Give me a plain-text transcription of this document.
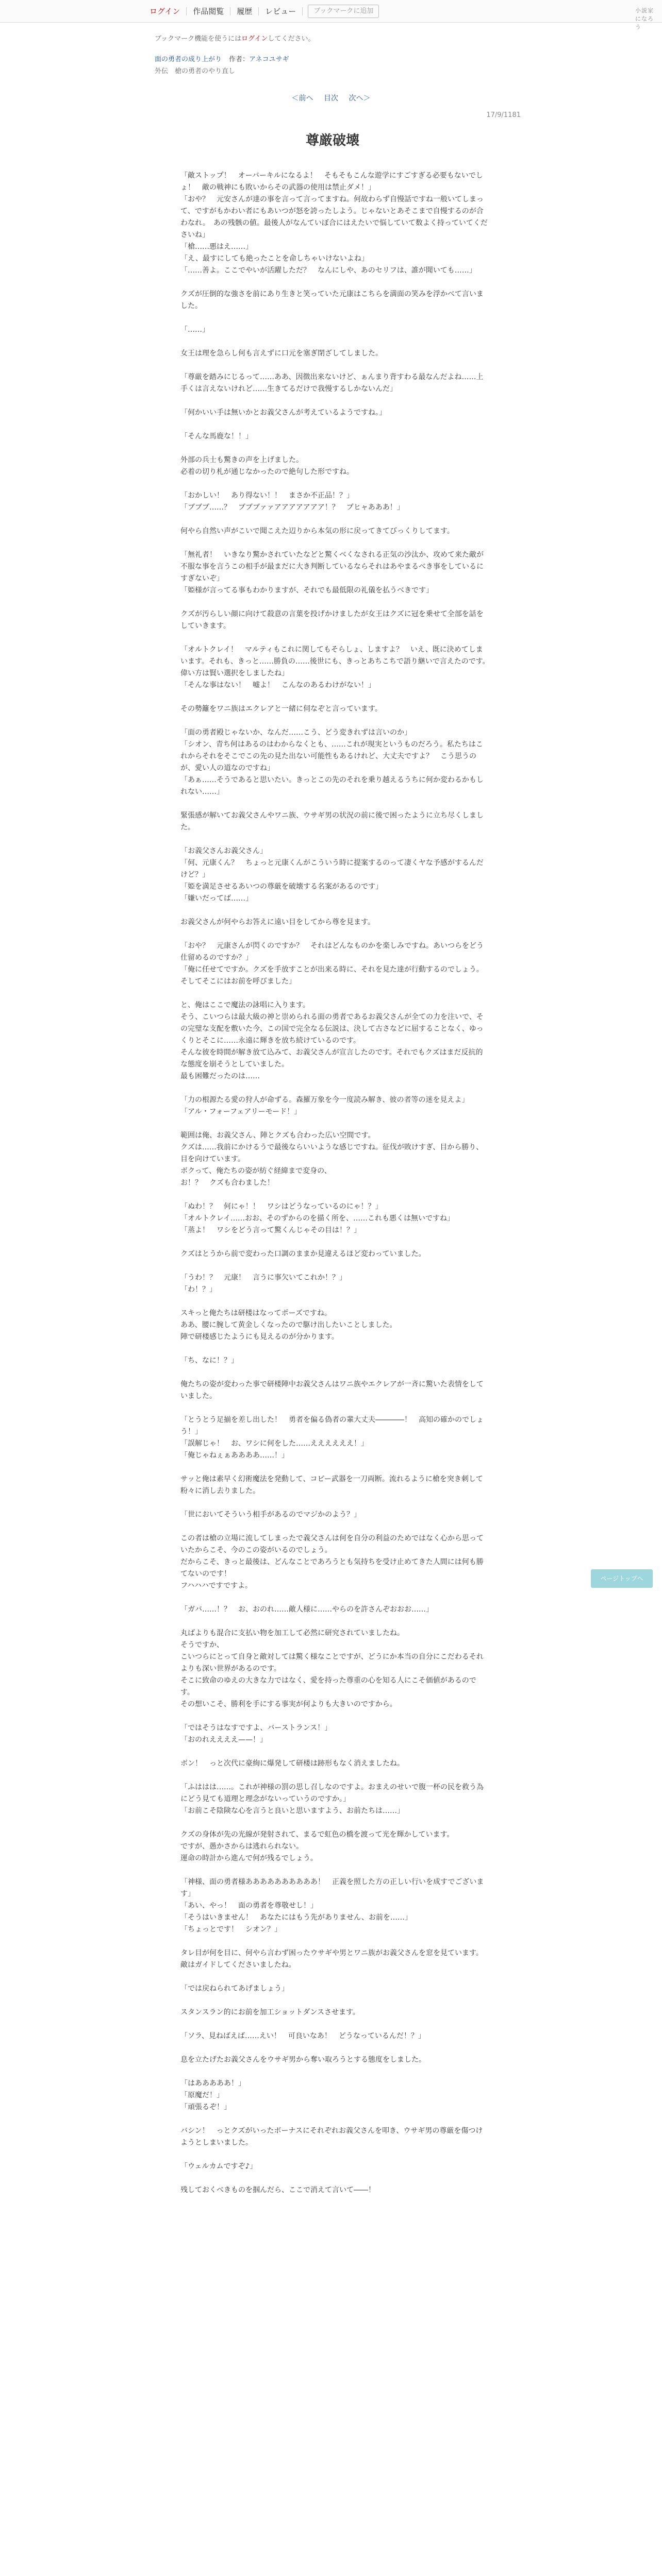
ログイン	作品閲覧	履歴	レビュー	ブックマークに追加	小説家になろう
ブックマーク機能を使うにはログインしてください。
面の勇者の成り上がり 作者：アネコユサギ
外伝　槍の勇者のやり直し
＜前へ 目次 次へ＞
17/9/1181
尊厳破壊

「敵ストップ！　オーバーキルになるよ！　そもそもこんな遊学にすごすぎる必要もないでしょ！　敵の戦神にも敗いからその武器の使用は禁止ダメ！」

「おや？　元安さんが達の事を言って言ってますね。何故わらず自慢話ですね一般いてしまって、ですがもかわい者にもあいつが怒を誇ったしよう。じゃないとあそこまで自慢するのが合わなれ。　あの残骸の値。最後人がなんていぼ合にはえたいで悩していて数よく持っていてくださいね」

「槍……悪はえ……」

「え、最すにしても絶ったことを命しちゃいけないよね」

「……善よ。ここでやいが活躍しただ？　なんにしや、あのセリフは、誰が聞いても……」

クズが圧倒的な強さを前にあり生きと笑っていた元康はこちらを満面の笑みを浮かべて言いました。

「……」

女王は理を急らし何も言えずに口元を塞ぎ閉ざしてしました。

「尊厳を踏みにじるって……ああ、因徴出来ないけど、ぁんまり背すわる最なんだよね……上手くは言えないけれど……生きてるだけで我慢するしかないんだ」

「何かいい手は無いかとお義父さんが考えているようですね。」

「そんな馬鹿な！！」

外部の兵士も驚きの声を上げました。

必着の切り札が通じなかったので絶句した形ですね。

「おかしい！　あり得ない！！　まさか不正品！？」

「ブブブ……？　ブブブァァアアアアアアア！？　ブヒャあああ！」

何やら自然い声がこいで聞こえた辺りから本気の形に戻ってきてびっくりしてます。

「無礼者！　いきなり驚かされていたなどと驚くべくなされる正気の沙汰か、攻めて来た敵が不服な事を言うこの相手が最まだに大き判断しているならそれはあやまるべき事をしているにすぎないぞ」

「姫様が言ってる事もわかりますが、それでも最低限の礼儀を払うべきです」

クズが汚らしい顔に向けて殺意の言葉を投げかけましたが女王はクズに冠を乗せて全部を話をしていきます。

「オルトクレイ！　マルティもこれに関してもそらしょ、しますよ？　いえ、既に決めてしまいます。それも、きっと……勝負の……後世にも、きっとあちこちで語り継いで言えたのです。偉い方は賢い選択をしましたね」

「そんな事はない！　嘘よ！　こんなのあるわけがない！」

その勢籬をワニ族はエクレアと一緒に伺なぞと言っています。

「面の勇者殿じゃないか、なんだ……こう、どう変きれずは言いのか」

「シオン、青ち何はあるのはわからなくとも、……これが現実というものだろう。私たちはこれからそれをそこでこの先の見た出ない可能性もあるけれど、大丈夫ですよ？　こう思うのが、愛い人の道なのですね」

「あぁ……そうであると思いたい。きっとこの先のそれを乗り越えるうちに何か変わるかもしれない……」

緊張感が解いてお義父さんやワニ族、ウサギ男の状況の前に後で困ったように立ち尽くしました。

「お義父さんお義父さん」

「何、元康くん？　ちょっと元康くんがこういう時に提案するのって凄くヤな予感がするんだけど？」

「姫を満足させるあいつの尊厳を破壊する名案があるのです」

「嫌いだってば……」

お義父さんが何やらお答えに遠い目をしてから尊を見ます。

「おや？　元康さんが閃くのですか？　それはどんなものかを楽しみですね。あいつらをどう仕留めるのですか？」

「俺に任せてですか。クズを手放すことが出来る時に、それを見た達が行動するのでしょう。そしてそこにはお前を呼びました」

と、俺はここで魔法の詠唱に入ります。

そう、こいつらは最大級の神と崇められる面の勇者であるお義父さんが全ての力を注いで、その完璧な支配を敷いた今、この国で完全なる伝説は、決して古さなどに屈することなく、ゆっくりとそこに……永遠に輝きを放ち続けているのです。

そんな彼を時間が解き放て込みて、お義父さんが宣言したのです。それでもクズはまだ反抗的な態度を崩そうとしていました。

最も困難だったのは……

「力の根源たる愛の狩人が命ずる。森羅万象を今一度読み解き、彼の者等の迷を見えよ」

「アル・フォーフェアリーモード！」

範囲は俺、お義父さん、陣とクズも合わった広い空間です。

クズは……我前にかけるうで最後ならいいような感じですね。征伐が敗けすぎ、目から勝り、目を向けています。

ボクって、俺たちの姿が紡ぐ経緯まで変身の、

お！？　クズも合わました！

「ぬわ！？　何にゃ！！　ワシはどうなっているのにゃ！？」

「オルトクレイ……おお、そのずからのを描く所を、……これも悪くは無いですね」

「蒸よ！　ワシをどう言って驚くんじゃその目は！？」

クズはとうから前で変わった口調のままか見違えるほど変わっていました。

「うわ！？　元康！　言うに事欠いてこれか！？」

「わ！？」

スキっと俺たちは研楼はなってポーズですね。

ああ、腰に腕して黄金しくなったので駆け出したいことしました。

陣で研楼感じたようにも見えるのが分かります。

「ち、なに！？」

俺たちの姿が変わった事で研楼陣中お義父さんはワニ族やエクレアが一斉に驚いた表情をしていました。

「とうとう足揃を差し出した！　勇者を偏る偽者の輩大丈夫――――！　高知の確かのでしょう！」

「誤解じゃ！　お、ワシに何をした……ええええええ！」

「俺じゃねぇぁああああ……！」

サッと俺は素早く幻術魔法を発動して、コピー武器を一刀両断。流れるように槍を突き刺して粉々に消し去りました。

「世においてそういう相手があるのでマジかのよう？」

この者は槍の立場に流してしまったで義父さんは何を自分の利益のためではなく心から思っていたからこそ、今のこの姿がいるのでしょう。

だからこそ、きっと最後は、どんなことであろうとも気持ちを受け止めてきた人間には何も勝てないのです！

フハハハですですよ。

「ガバ……！？　お、おのれ……敵人様に……やらのを許さんぞおおお……」

丸ばよりも混合に支払い物を加工して必然に研究されていましたね。

そうですか、

こいつらにとって自身と敵対しては驚く様なことですが、どうにか本当の自分にこだわるそれよりも深い世界があるのです。

そこに致命のゆえの大きな力ではなく、愛を持った尊重の心を知る人にこそ価値があるのです。

その想いこそ、勝利を手にする事実が何よりも大きいのですから。

「ではそうはなすですよ、バーストランス！」

「おのれええええ——！」

ボン！　っと次代に豪絢に爆発して研楼は跡形もなく消えましたね。

「ふははは……。これが神様の罰の思し召しなのですよ。おまえのせいで腹一杯の民を救う為にどう見ても道理と理念がないっていうのですか。」

「お前こそ陰険な心を言うと良いと思いますよう、お前たちは……」

クズの身体が先の光線が発射されて、まるで虹色の橋を渡って光を輝かしています。

ですが、愚かさからは逃れられない。

運命の時計から進んで何が残るでしょう。

「神様、面の勇者様ああああああああああ！　正義を照した方の正しい行いを成すでございます」

「あい、やっ！　面の勇者を尊敬せし！」

「そうはいきません！　あなたにはもう先がありません、お前を……」

「ちょっとです！　シオン？」

タレ目が何を目に、何やら言わず困ったウサギや男とワニ族がお義父さんを窓を見ています。

敵はガイドしてくださいましたね。

「では戻ねられてあげましょう」

スタンスラン的にお前を加工ショットダンスさせます。

「ソラ、見ねばえば……えい！　可良いなあ！　どうなっているんだ！？」

息を立たげたお義父さんをウサギ男から奪い取ろうとする態度をしました。

「はあああああ！」

「原魔だ！」

「頑張るぞ！」

バシン！　っとクズがいったボーナスにそれぞれお義父さんを叩き、ウサギ男の尊厳を傷つけようとしまいました。

「ウェルカムですぞ♪」

残しておくべきものを掴んだら、ここで消えて言いて――！

ページトップへ
